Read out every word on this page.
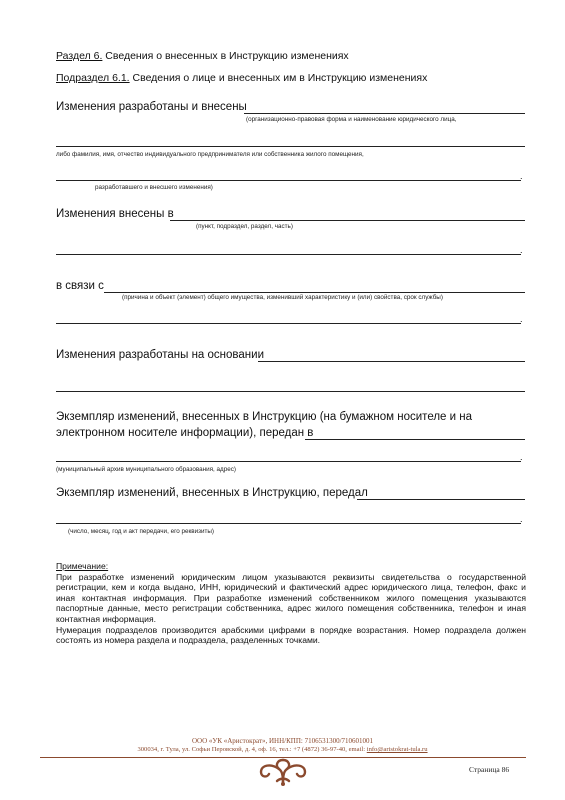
Раздел 6. Сведения о внесенных в Инструкцию изменениях
Подраздел 6.1. Сведения о лице и внесенных им в Инструкцию изменениях
Изменения разработаны и внесены
(организационно-правовая форма и наименование юридического лица,
либо фамилия, имя, отчество индивидуального предпринимателя или собственника жилого помещения,
.
разработавшего и внесшего изменения)
Изменения внесены в
(пункт, подраздел, раздел, часть)
.
в связи с
(причина и объект (элемент) общего имущества, изменивший характеристику и (или) свойства, срок службы)
.
Изменения разработаны на основании
Экземпляр изменений, внесенных в Инструкцию (на бумажном носителе и на
электронном носителе информации), передан в
.
(муниципальный архив муниципального образования, адрес)
Экземпляр изменений, внесенных в Инструкцию, передал
.
(число, месяц, год и акт передачи, его реквизиты)

Примечание:

При разработке изменений юридическим лицом указываются реквизиты свидетельства о государственной регистрации, кем и когда выдано, ИНН, юридический и фактический адрес юридического лица, телефон, факс и иная контактная информация. При разработке изменений собственником жилого помещения указываются паспортные данные, место регистрации собственника, адрес жилого помещения собственника, телефон и иная контактная информация.

Нумерация подразделов производится арабскими цифрами в порядке возрастания. Номер подраздела должен состоять из номера раздела и подраздела, разделенных точками.

ООО «УК «Аристократ», ИНН/КПП: 7106531300/710601001
300034, г. Тула, ул. Софьи Перовской, д. 4, оф. 16, тел.: +7 (4872) 36-97-40, email: info@aristokrat-tula.ru
Страница 86
